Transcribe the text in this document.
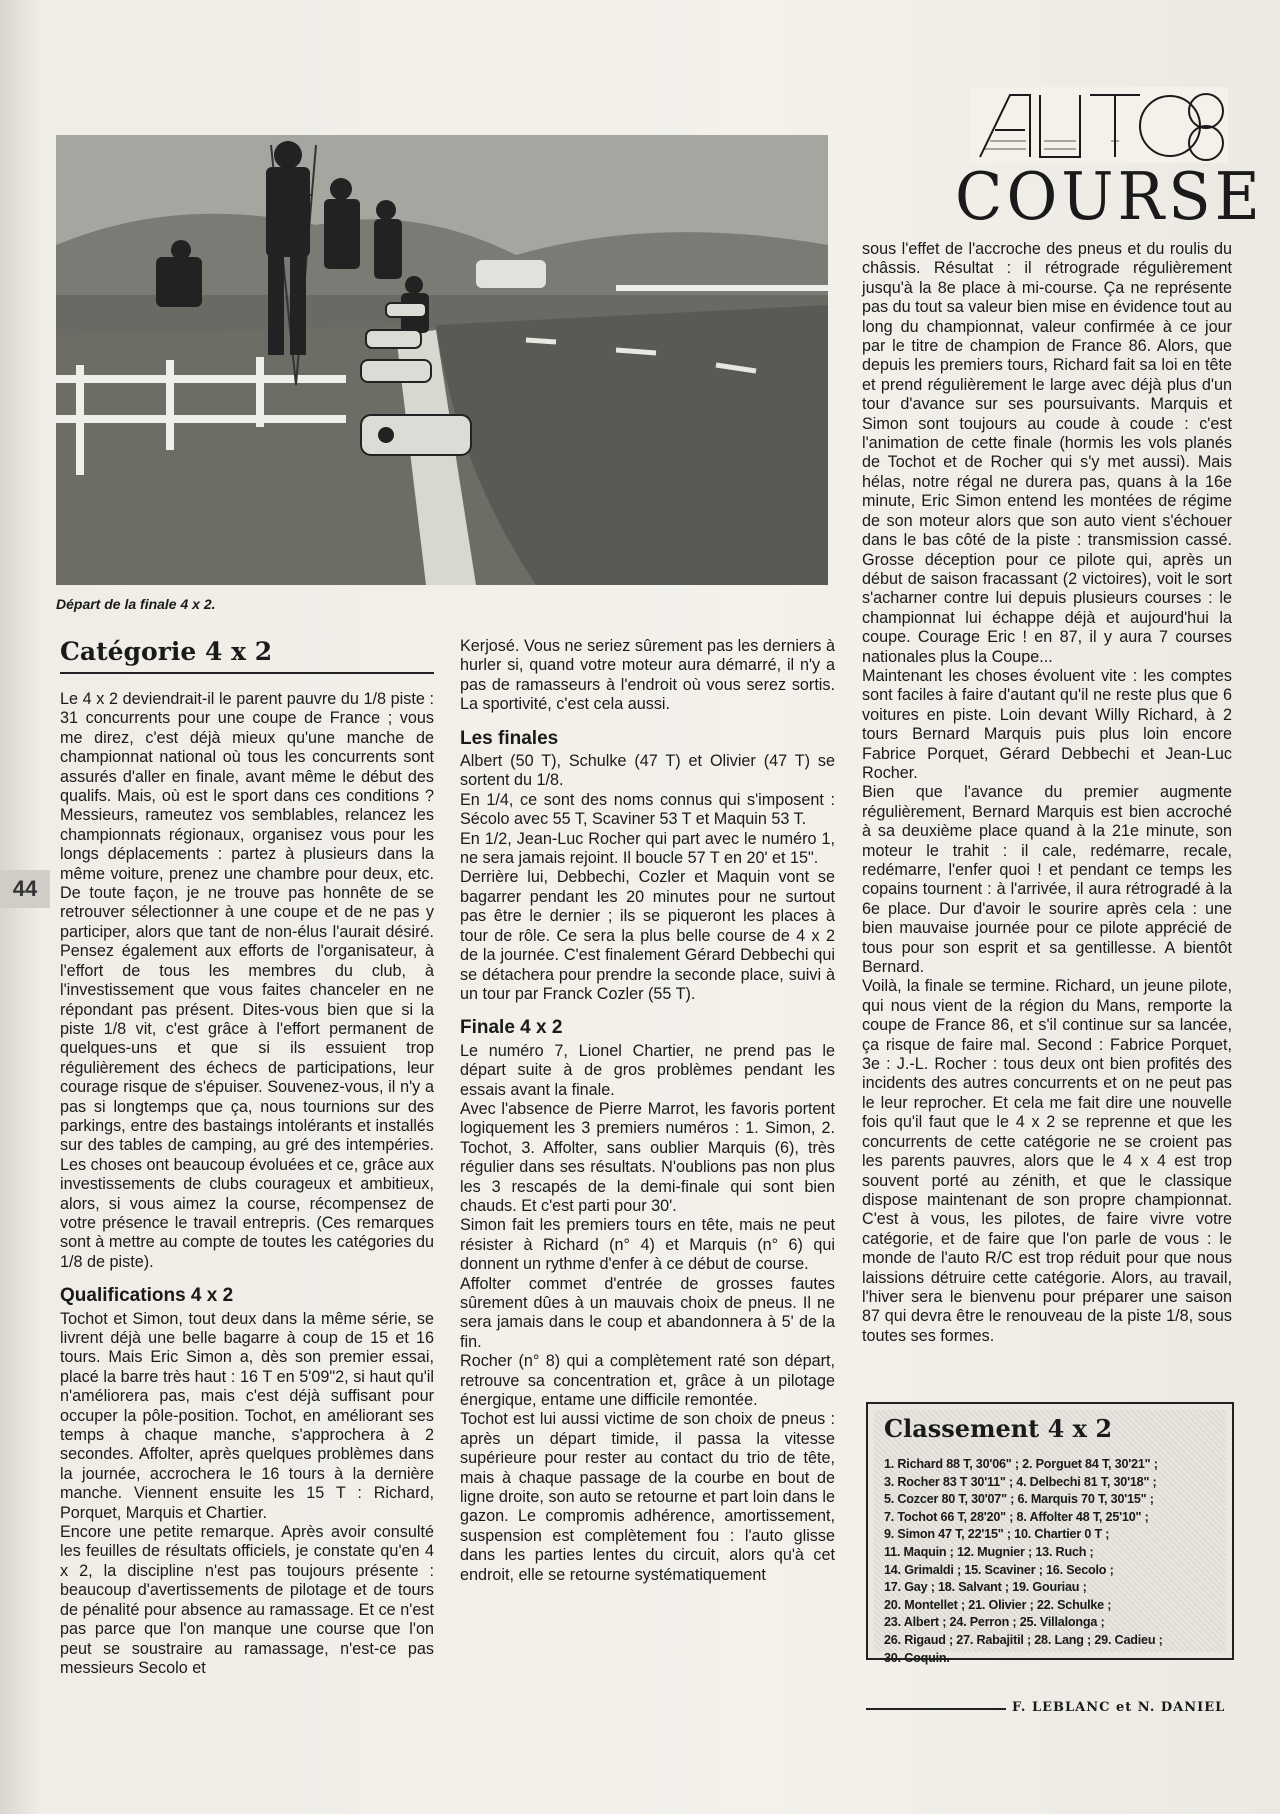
Départ de la finale 4 x 2.
COURSE
44
Catégorie 4 x 2

Le 4 x 2 deviendrait-il le parent pauvre du 1/8 piste : 31 concurrents pour une coupe de France ; vous me direz, c'est déjà mieux qu'une manche de championnat national où tous les concurrents sont assurés d'aller en finale, avant même le début des qualifs. Mais, où est le sport dans ces conditions ? Messieurs, rameutez vos semblables, relancez les championnats régionaux, organisez vous pour les longs déplacements : partez à plusieurs dans la même voiture, prenez une chambre pour deux, etc. De toute façon, je ne trouve pas honnête de se retrouver sélectionner à une coupe et de ne pas y participer, alors que tant de non-élus l'aurait désiré. Pensez également aux efforts de l'organisateur, à l'effort de tous les membres du club, à l'investissement que vous faites chanceler en ne répondant pas présent. Dites-vous bien que si la piste 1/8 vit, c'est grâce à l'effort permanent de quelques-uns et que si ils essuient trop régulièrement des échecs de participations, leur courage risque de s'épuiser. Souvenez-vous, il n'y a pas si longtemps que ça, nous tournions sur des parkings, entre des bastaings intolérants et installés sur des tables de camping, au gré des intempéries. Les choses ont beaucoup évoluées et ce, grâce aux investissements de clubs courageux et ambitieux, alors, si vous aimez la course, récompensez de votre présence le travail entrepris. (Ces remarques sont à mettre au compte de toutes les catégories du 1/8 de piste).

Qualifications 4 x 2

Tochot et Simon, tout deux dans la même série, se livrent déjà une belle bagarre à coup de 15 et 16 tours. Mais Eric Simon a, dès son premier essai, placé la barre très haut : 16 T en 5'09"2, si haut qu'il n'améliorera pas, mais c'est déjà suffisant pour occuper la pôle-position. Tochot, en améliorant ses temps à chaque manche, s'approchera à 2 secondes. Affolter, après quelques problèmes dans la journée, accrochera le 16 tours à la dernière manche. Viennent ensuite les 15 T : Richard, Porquet, Marquis et Chartier.

Encore une petite remarque. Après avoir consulté les feuilles de résultats officiels, je constate qu'en 4 x 2, la discipline n'est pas toujours présente : beaucoup d'avertissements de pilotage et de tours de pénalité pour absence au ramassage. Et ce n'est pas parce que l'on manque une course que l'on peut se soustraire au ramassage, n'est-ce pas messieurs Secolo et

Kerjosé. Vous ne seriez sûrement pas les derniers à hurler si, quand votre moteur aura démarré, il n'y a pas de ramasseurs à l'endroit où vous serez sortis. La sportivité, c'est cela aussi.

Les finales

Albert (50 T), Schulke (47 T) et Olivier (47 T) se sortent du 1/8.

En 1/4, ce sont des noms connus qui s'imposent : Sécolo avec 55 T, Scaviner 53 T et Maquin 53 T.

En 1/2, Jean-Luc Rocher qui part avec le numéro 1, ne sera jamais rejoint. Il boucle 57 T en 20' et 15".

Derrière lui, Debbechi, Cozler et Maquin vont se bagarrer pendant les 20 minutes pour ne surtout pas être le dernier ; ils se piqueront les places à tour de rôle. Ce sera la plus belle course de 4 x 2 de la journée. C'est finalement Gérard Debbechi qui se détachera pour prendre la seconde place, suivi à un tour par Franck Cozler (55 T).

Finale 4 x 2

Le numéro 7, Lionel Chartier, ne prend pas le départ suite à de gros problèmes pendant les essais avant la finale.

Avec l'absence de Pierre Marrot, les favoris portent logiquement les 3 premiers numéros : 1. Simon, 2. Tochot, 3. Affolter, sans oublier Marquis (6), très régulier dans ses résultats. N'oublions pas non plus les 3 rescapés de la demi-finale qui sont bien chauds. Et c'est parti pour 30'.

Simon fait les premiers tours en tête, mais ne peut résister à Richard (n° 4) et Marquis (n° 6) qui donnent un rythme d'enfer à ce début de course.

Affolter commet d'entrée de grosses fautes sûrement dûes à un mauvais choix de pneus. Il ne sera jamais dans le coup et abandonnera à 5' de la fin.

Rocher (n° 8) qui a complètement raté son départ, retrouve sa concentration et, grâce à un pilotage énergique, entame une difficile remontée.

Tochot est lui aussi victime de son choix de pneus : après un départ timide, il passa la vitesse supérieure pour rester au contact du trio de tête, mais à chaque passage de la courbe en bout de ligne droite, son auto se retourne et part loin dans le gazon. Le compromis adhérence, amortissement, suspension est complètement fou : l'auto glisse dans les parties lentes du circuit, alors qu'à cet endroit, elle se retourne systématiquement

sous l'effet de l'accroche des pneus et du roulis du châssis. Résultat : il rétrograde régulièrement jusqu'à la 8e place à mi-course. Ça ne représente pas du tout sa valeur bien mise en évidence tout au long du championnat, valeur confirmée à ce jour par le titre de champion de France 86. Alors, que depuis les premiers tours, Richard fait sa loi en tête et prend régulièrement le large avec déjà plus d'un tour d'avance sur ses poursuivants. Marquis et Simon sont toujours au coude à coude : c'est l'animation de cette finale (hormis les vols planés de Tochot et de Rocher qui s'y met aussi). Mais hélas, notre régal ne durera pas, quans à la 16e minute, Eric Simon entend les montées de régime de son moteur alors que son auto vient s'échouer dans le bas côté de la piste : transmission cassé. Grosse déception pour ce pilote qui, après un début de saison fracassant (2 victoires), voit le sort s'acharner contre lui depuis plusieurs courses : le championnat lui échappe déjà et aujourd'hui la coupe. Courage Eric ! en 87, il y aura 7 courses nationales plus la Coupe...

Maintenant les choses évoluent vite : les comptes sont faciles à faire d'autant qu'il ne reste plus que 6 voitures en piste. Loin devant Willy Richard, à 2 tours Bernard Marquis puis plus loin encore Fabrice Porquet, Gérard Debbechi et Jean-Luc Rocher.

Bien que l'avance du premier augmente régulièrement, Bernard Marquis est bien accroché à sa deuxième place quand à la 21e minute, son moteur le trahit : il cale, redémarre, recale, redémarre, l'enfer quoi ! et pendant ce temps les copains tournent : à l'arrivée, il aura rétrogradé à la 6e place. Dur d'avoir le sourire après cela : une bien mauvaise journée pour ce pilote apprécié de tous pour son esprit et sa gentillesse. A bientôt Bernard.

Voilà, la finale se termine. Richard, un jeune pilote, qui nous vient de la région du Mans, remporte la coupe de France 86, et s'il continue sur sa lancée, ça risque de faire mal. Second : Fabrice Porquet, 3e : J.-L. Rocher : tous deux ont bien profités des incidents des autres concurrents et on ne peut pas le leur reprocher. Et cela me fait dire une nouvelle fois qu'il faut que le 4 x 2 se reprenne et que les concurrents de cette catégorie ne se croient pas les parents pauvres, alors que le 4 x 4 est trop souvent porté au zénith, et que le classique dispose maintenant de son propre championnat. C'est à vous, les pilotes, de faire vivre votre catégorie, et de faire que l'on parle de vous : le monde de l'auto R/C est trop réduit pour que nous laissions détruire cette catégorie. Alors, au travail, l'hiver sera le bienvenu pour préparer une saison 87 qui devra être le renouveau de la piste 1/8, sous toutes ses formes.

Classement 4 x 2
1. Richard 88 T, 30'06" ; 2. Porguet 84 T, 30'21" ;
3. Rocher 83 T 30'11" ; 4. Delbechi 81 T, 30'18" ;
5. Cozcer 80 T, 30'07" ; 6. Marquis 70 T, 30'15" ;
7. Tochot 66 T, 28'20" ; 8. Affolter 48 T, 25'10" ;
9. Simon 47 T, 22'15" ; 10. Chartier 0 T ;
11. Maquin ; 12. Mugnier ; 13. Ruch ;
14. Grimaldi ; 15. Scaviner ; 16. Secolo ;
17. Gay ; 18. Salvant ; 19. Gouriau ;
20. Montellet ; 21. Olivier ; 22. Schulke ;
23. Albert ; 24. Perron ; 25. Villalonga ;
26. Rigaud ; 27. Rabajitil ; 28. Lang ; 29. Cadieu ;
30. Coquin.
F. LEBLANC et N. DANIEL
